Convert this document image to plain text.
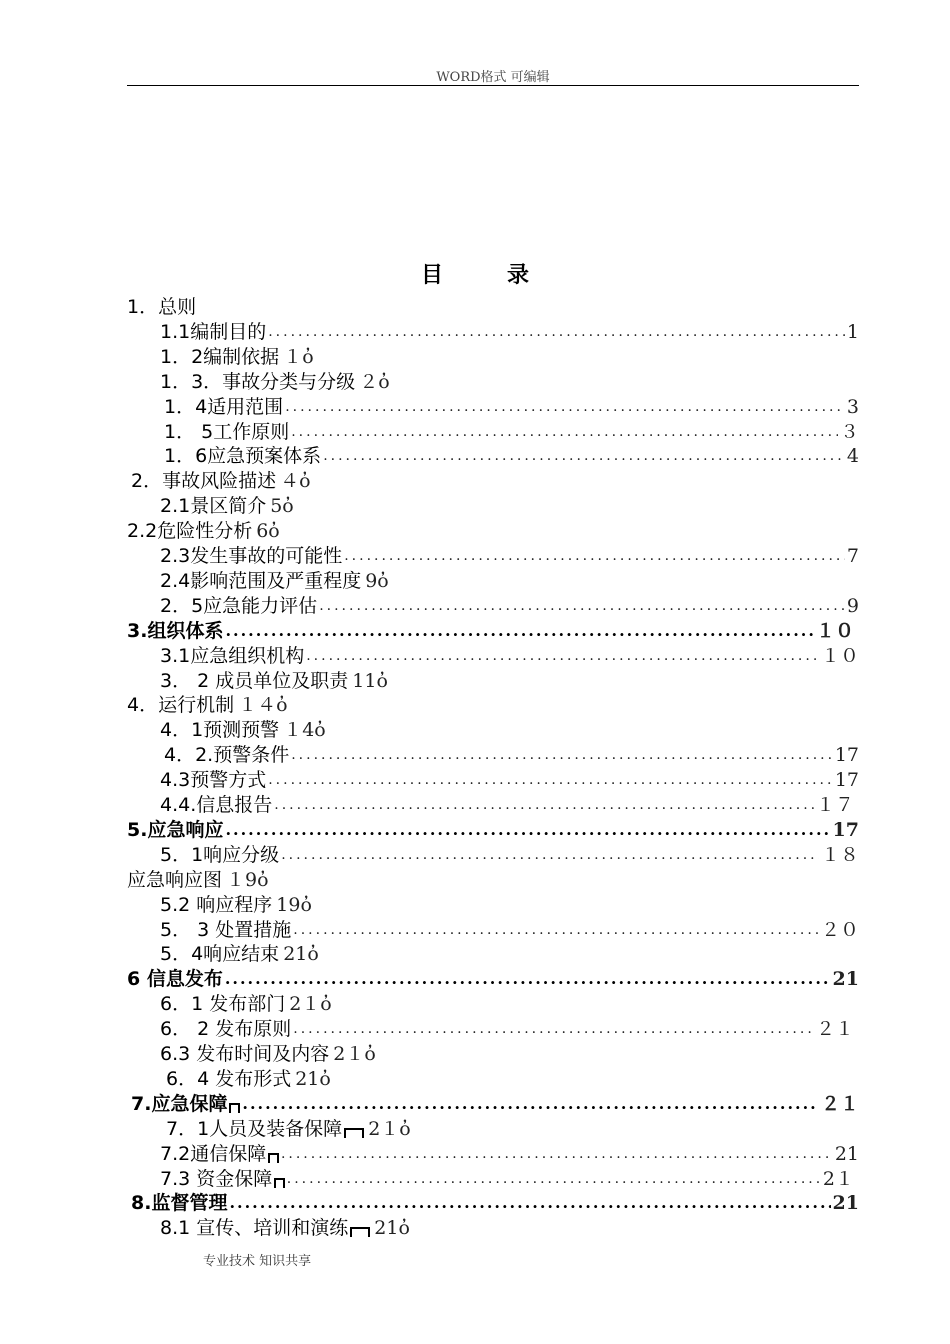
WORD格式 可编辑
目	录
1．总则
1.1编制目的 .....	1
1．2编制依据 １ὀ
1．3．事故分类与分级 ２ὀ
1．4适用范围 .....	3
1． 5工作原则 .....	３
1．6应急预案体系 .....	4
2．事故风险描述 ４ὀ
2.1景区简介 5ὀ
2.2危险性分析 6ὀ
2.3发生事故的可能性 .....	7
2.4影响范围及严重程度 9ὀ
2．5应急能力评估 .....	9
3.组织体系 .....	１０
3.1应急组织机构 .....	１０
3． 2 成员单位及职责 11ὀ
4．运行机制 １４ὀ
4．1预测预警 １4ὀ
4．2.预警条件 .....	17
4.3预警方式 .....	17
4.4.信息报告 .....	１７
5.应急响应 .....	17
5．1响应分级 .....	１８
应急响应图 １9ὀ
5.2 响应程序 19ὀ
5． 3 处置措施 .....	２０
5．4响应结束 21ὀ
6 信息发布 .....	21
6．1 发布部门 2１ὀ
6． 2 发布原则 .....	２１
6.3 发布时间及内容 2１ὀ
6．4 发布形式 21ὀ
7.应急保障 .....	２１
7．1人员及装备保障 2１ὀ
7.2通信保障 .....	21
7.3 资金保障 .....	2１
8.监督管理 .....	21
8.1 宣传、培训和演练 21ὀ
专业技术 知识共享
